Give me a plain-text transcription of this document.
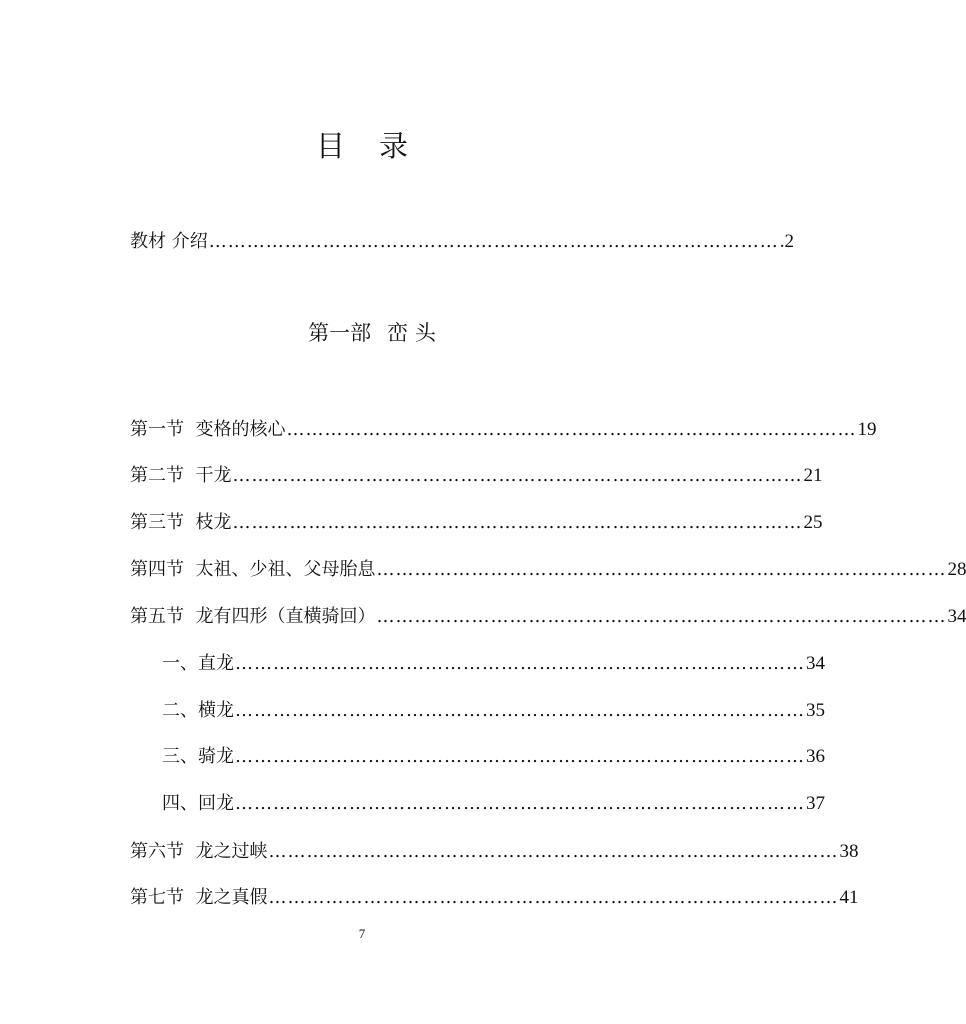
目 录
教材 介绍 ……………………………………………………………………………… .2
第一节  变格的核心 ……………………………………………………………………………… 19
第二节  干龙 ……………………………………………………………………………… 21
第三节  枝龙 ……………………………………………………………………………… 25
第四节  太祖、少祖、父母胎息 ……………………………………………………………………………… 28
第五节  龙有四形（直横骑回） ……………………………………………………………………………… 34
一、直龙 ……………………………………………………………………………… 34
二、横龙 ……………………………………………………………………………… 35
三、骑龙 ……………………………………………………………………………… 36
四、回龙 ……………………………………………………………………………… 37
第六节  龙之过峡 ……………………………………………………………………………… 38
第七节  龙之真假 ……………………………………………………………………………… 41
第一部 峦 头
7
